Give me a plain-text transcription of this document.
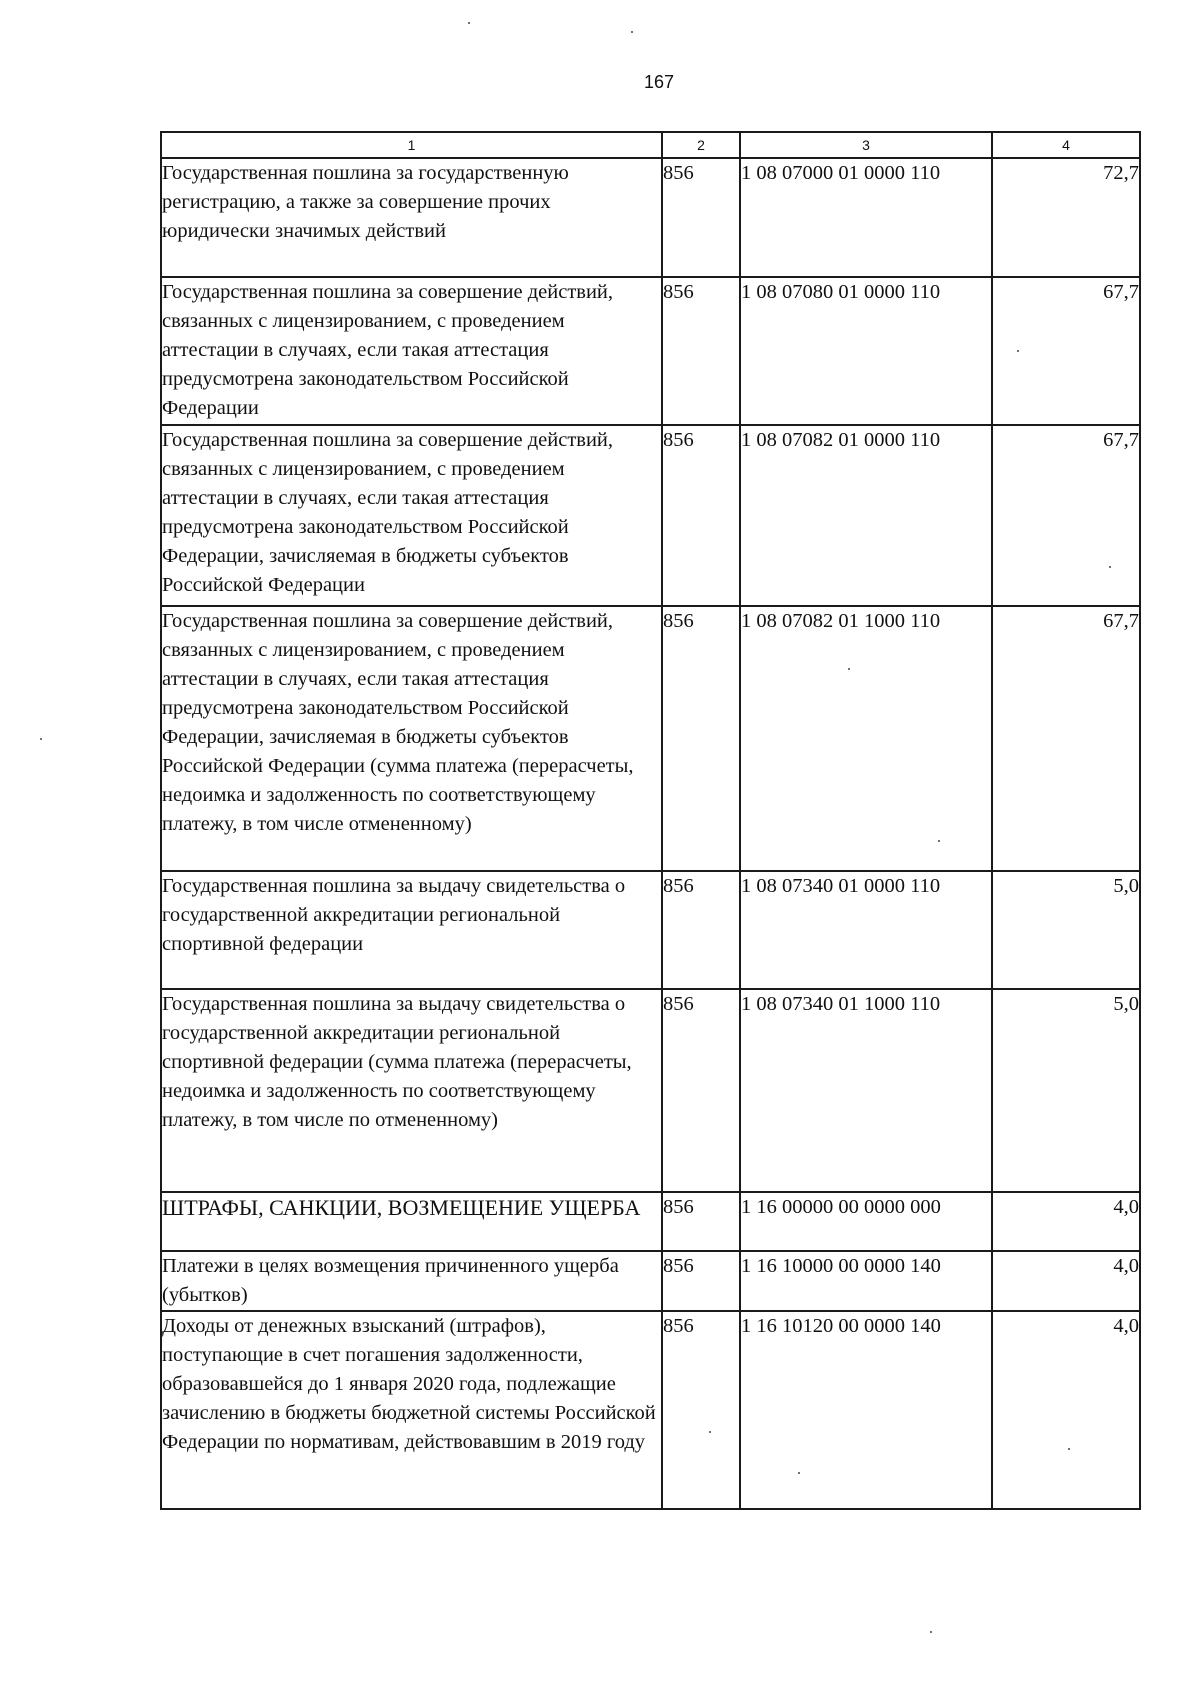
167
1	2	3	4
Государственная пошлина за государственную регистрацию, а также за совершение прочих юридически значимых действий	856	1 08 07000 01 0000 110	72,7
Государственная пошлина за совершение действий, связанных с лицензированием, с проведением аттестации в случаях, если такая аттестация предусмотрена законодательством Российской Федерации	856	1 08 07080 01 0000 110	67,7
Государственная пошлина за совершение действий, связанных с лицензированием, с проведением аттестации в случаях, если такая аттестация предусмотрена законодательством Российской Федерации, зачисляемая в бюджеты субъектов Российской Федерации	856	1 08 07082 01 0000 110	67,7
Государственная пошлина за совершение действий, связанных с лицензированием, с проведением аттестации в случаях, если такая аттестация предусмотрена законодательством Российской Федерации, зачисляемая в бюджеты субъектов Российской Федерации (сумма платежа (перерасчеты, недоимка и задолженность по соответствующему платежу, в том числе отмененному)	856	1 08 07082 01 1000 110	67,7
Государственная пошлина за выдачу свидетельства о государственной аккредитации региональной спортивной федерации	856	1 08 07340 01 0000 110	5,0
Государственная пошлина за выдачу свидетельства о государственной аккредитации региональной спортивной федерации (сумма платежа (перерасчеты, недоимка и задолженность по соответствующему платежу, в том числе по отмененному)	856	1 08 07340 01 1000 110	5,0
ШТРАФЫ, САНКЦИИ, ВОЗМЕЩЕНИЕ УЩЕРБА	856	1 16 00000 00 0000 000	4,0
Платежи в целях возмещения причиненного ущерба (убытков)	856	1 16 10000 00 0000 140	4,0
Доходы от денежных взысканий (штрафов), поступающие в счет погашения задолженности, образовавшейся до 1 января 2020 года, подлежащие зачислению в бюджеты бюджетной системы Российской Федерации по нормативам, действовавшим в 2019 году	856	1 16 10120 00 0000 140	4,0
